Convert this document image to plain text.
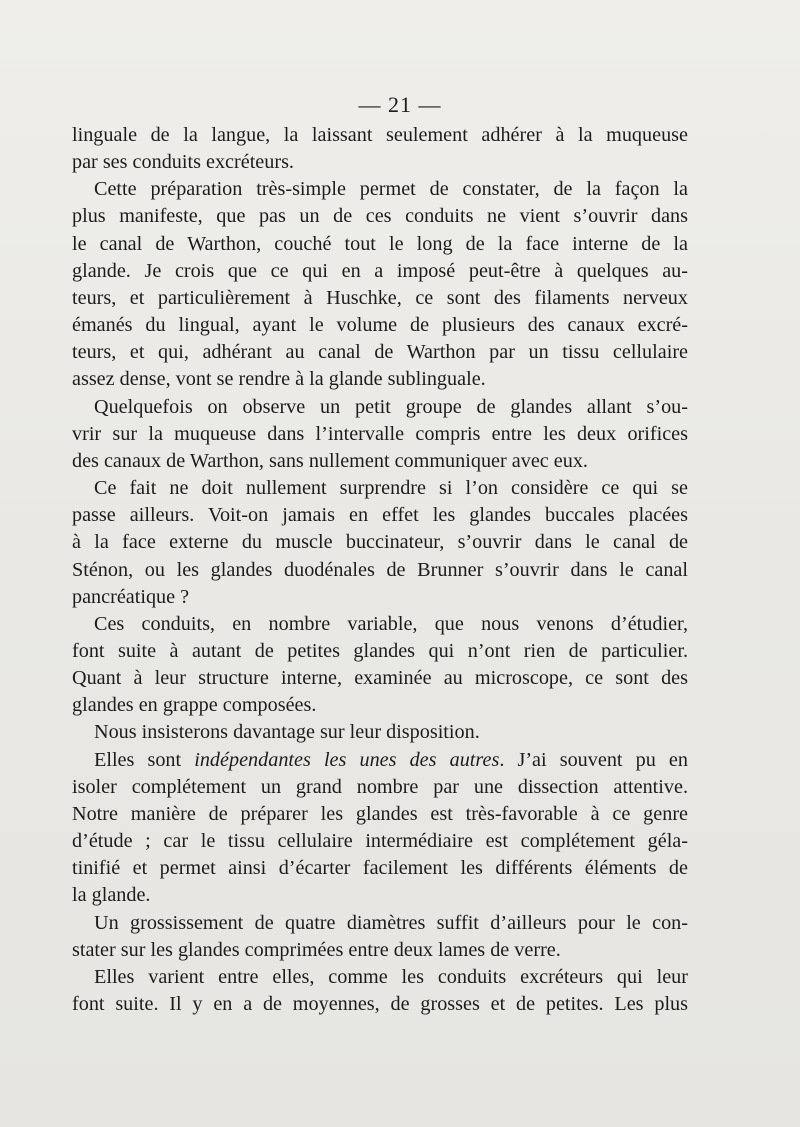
— 21 —
linguale de la langue, la laissant seulement adhérer à la muqueuse
par ses conduits excréteurs.
Cette préparation très-simple permet de constater, de la façon la
plus manifeste, que pas un de ces conduits ne vient s’ouvrir dans
le canal de Warthon, couché tout le long de la face interne de la
glande. Je crois que ce qui en a imposé peut-être à quelques au-
teurs, et particulièrement à Huschke, ce sont des filaments nerveux
émanés du lingual, ayant le volume de plusieurs des canaux excré-
teurs, et qui, adhérant au canal de Warthon par un tissu cellulaire
assez dense, vont se rendre à la glande sublinguale.
Quelquefois on observe un petit groupe de glandes allant s’ou-
vrir sur la muqueuse dans l’intervalle compris entre les deux orifices
des canaux de Warthon, sans nullement communiquer avec eux.
Ce fait ne doit nullement surprendre si l’on considère ce qui se
passe ailleurs. Voit-on jamais en effet les glandes buccales placées
à la face externe du muscle buccinateur, s’ouvrir dans le canal de
Sténon, ou les glandes duodénales de Brunner s’ouvrir dans le canal
pancréatique ?
Ces conduits, en nombre variable, que nous venons d’étudier,
font suite à autant de petites glandes qui n’ont rien de particulier.
Quant à leur structure interne, examinée au microscope, ce sont des
glandes en grappe composées.
Nous insisterons davantage sur leur disposition.
Elles sont indépendantes les unes des autres. J’ai souvent pu en
isoler complétement un grand nombre par une dissection attentive.
Notre manière de préparer les glandes est très-favorable à ce genre
d’étude ; car le tissu cellulaire intermédiaire est complétement géla-
tinifié et permet ainsi d’écarter facilement les différents éléments de
la glande.
Un grossissement de quatre diamètres suffit d’ailleurs pour le con-
stater sur les glandes comprimées entre deux lames de verre.
Elles varient entre elles, comme les conduits excréteurs qui leur
font suite. Il y en a de moyennes, de grosses et de petites. Les plus
